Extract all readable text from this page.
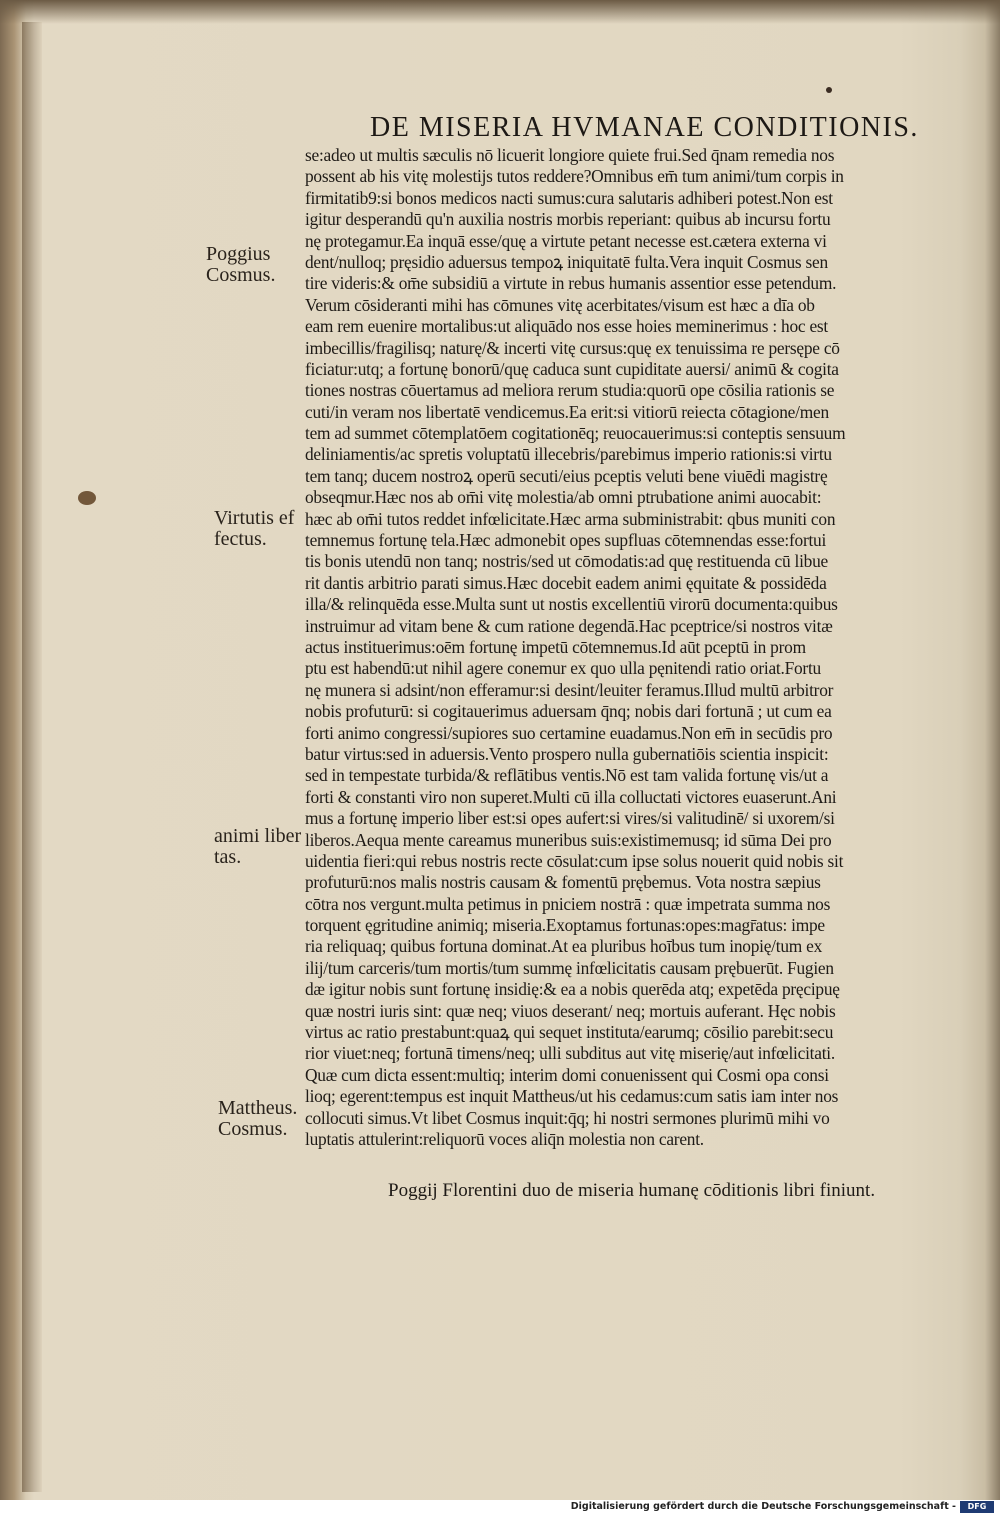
DE MISERIA HVMANAE CONDITIONIS.
se:adeo ut multis sæculis nō licuerit longiore quiete frui.Sed q̄nam remedia nos
possent ab his vitę molestijs tutos reddere?Omnibus em̄ tum animi/tum corpis in
firmitatib9:si bonos medicos nacti sumus:cura salutaris adhiberi potest.Non est
igitur desperandū qu'n auxilia nostris morbis reperiant: quibus ab incursu fortu
nę protegamur.Ea inquā esse/quę a virtute petant necesse est.cætera externa vi
dent/nulloq; pręsidio aduersus tempoꝝ iniquitatē fulta.Vera inquit Cosmus sen
tire videris:& om̄e subsidiū a virtute in rebus humanis assentior esse petendum.
Verum cōsideranti mihi has cōmunes vitę acerbitates/visum est hæc a dīa ob
eam rem euenire mortalibus:ut aliquādo nos esse hoies meminerimus : hoc est
imbecillis/fragilisq; naturę/& incerti vitę cursus:quę ex tenuissima re persępe cō
ficiatur:utq; a fortunę bonorū/quę caduca sunt cupiditate auersi/ animū & cogita
tiones nostras cōuertamus ad meliora rerum studia:quorū ope cōsilia rationis se
cuti/in veram nos libertatē vendicemus.Ea erit:si vitiorū reiecta cōtagione/men
tem ad summet cōtemplatōem cogitationēq; reuocauerimus:si conteptis sensuum
deliniamentis/ac spretis voluptatū illecebris/parebimus imperio rationis:si virtu
tem tanq; ducem nostroꝝ operū secuti/eius pceptis veluti bene viuēdi magistrę
obseqmur.Hæc nos ab om̄i vitę molestia/ab omni ptrubatione animi auocabit:
hæc ab om̄i tutos reddet infœlicitate.Hæc arma subministrabit: qbus muniti con
temnemus fortunę tela.Hæc admonebit opes supfluas cōtemnendas esse:fortui
tis bonis utendū non tanq; nostris/sed ut cōmodatis:ad quę restituenda cū libue
rit dantis arbitrio parati simus.Hæc docebit eadem animi ęquitate & possidēda
illa/& relinquēda esse.Multa sunt ut nostis excellentiū virorū documenta:quibus
instruimur ad vitam bene & cum ratione degendā.Hac pceptrice/si nostros vitæ
actus instituerimus:oēm fortunę impetū cōtemnemus.Id aūt pceptū in prom
ptu est habendū:ut nihil agere conemur ex quo ulla pęnitendi ratio oriat.Fortu
nę munera si adsint/non efferamur:si desint/leuiter feramus.Illud multū arbitror
nobis profuturū: si cogitauerimus aduersam q̄nq; nobis dari fortunā ; ut cum ea
forti animo congressi/supiores suo certamine euadamus.Non em̄ in secūdis pro
batur virtus:sed in aduersis.Vento prospero nulla gubernatiōis scientia inspicit:
sed in tempestate turbida/& reflātibus ventis.Nō est tam valida fortunę vis/ut a
forti & constanti viro non superet.Multi cū illa colluctati victores euaserunt.Ani
mus a fortunę imperio liber est:si opes aufert:si vires/si valitudinē/ si uxorem/si
liberos.Aequa mente careamus muneribus suis:existimemusq; id sūma Dei pro
uidentia fieri:qui rebus nostris recte cōsulat:cum ipse solus nouerit quid nobis sit
profuturū:nos malis nostris causam & fomentū prębemus. Vota nostra sæpius
cōtra nos vergunt.multa petimus in pniciem nostrā : quæ impetrata summa nos
torquent ęgritudine animiq; miseria.Exoptamus fortunas:opes:magr̄atus: impe
ria reliquaq; quibus fortuna dominat.At ea pluribus hoībus tum inopię/tum ex
ilij/tum carceris/tum mortis/tum summę infœlicitatis causam prębuerūt. Fugien
dæ igitur nobis sunt fortunę insidię:& ea a nobis querēda atq; expetēda pręcipuę
quæ nostri iuris sint: quæ neq; viuos deserant/ neq; mortuis auferant. Hęc nobis
virtus ac ratio prestabunt:quaꝝ qui sequet instituta/earumq; cōsilio parebit:secu
rior viuet:neq; fortunā timens/neq; ulli subditus aut vitę miserię/aut infœlicitati.
Quæ cum dicta essent:multiq; interim domi conuenissent qui Cosmi opa consi
lioq; egerent:tempus est inquit Mattheus/ut his cedamus:cum satis iam inter nos
collocuti simus.Vt libet Cosmus inquit:q̄q; hi nostri sermones plurimū mihi vo
luptatis attulerint:reliquorū voces aliq̄n molestia non carent.
Poggius
Cosmus.
Virtutis ef
fectus.
animi liber
tas.
Mattheus.
Cosmus.
Poggij Florentini duo de miseria humanę cōditionis libri finiunt.
Digitalisierung gefördert durch die Deutsche Forschungsgemeinschaft -	DFG
